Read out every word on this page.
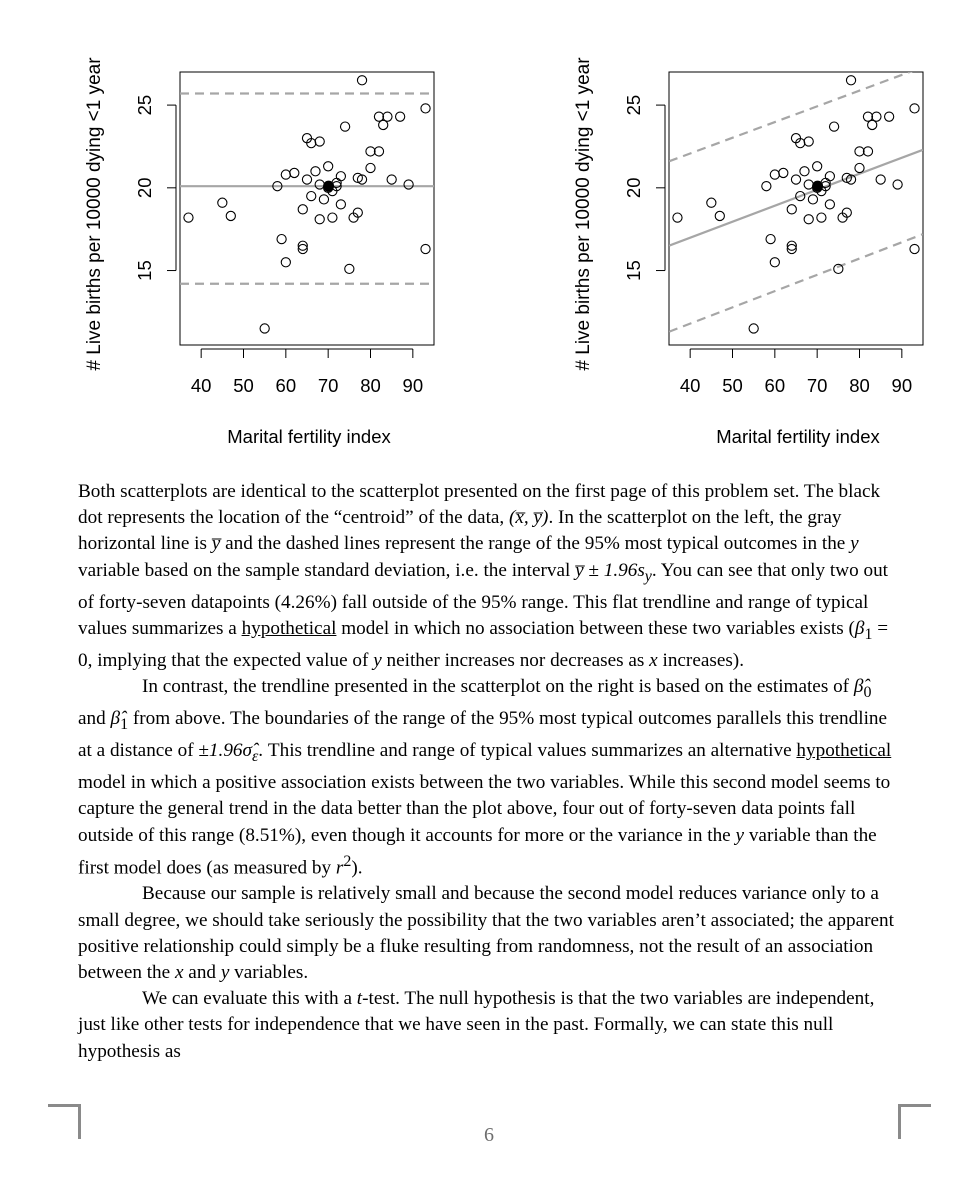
40 50 60 70 80 90
15
20
25
# Live births per 10000 dying <1 year
Marital fertility index
40 50 60 70 80 90
15
20
25
# Live births per 10000 dying <1 year
Marital fertility index

Both scatterplots are identical to the scatterplot presented on the first page of this problem set. The black dot represents the location of the “centroid” of the data, (x̅, y̅). In the scatterplot on the left, the gray horizontal line is y̅ and the dashed lines represent the range of the 95% most typical outcomes in the y variable based on the sample standard deviation, i.e. the interval y̅ ± $1.96s_y$. You can see that only two out of forty-seven datapoints (4.26%) fall outside of the 95% range. This flat trendline and range of typical values summarizes a hypothetical model in which no association between these two variables exists ($\beta_1 = 0$, implying that the expected value of y neither increases nor decreases as x increases).

In contrast, the trendline presented in the scatterplot on the right is based on the estimates of $\betâ_0$ and $\betâ_1$ from above. The boundaries of the range of the 95% most typical outcomes parallels this trendline at a distance of $\pm 1.96\sigmâ_\varepsilon$. This trendline and range of typical values summarizes an alternative hypothetical model in which a positive association exists between the two variables. While this second model seems to capture the general trend in the data better than the plot above, four out of forty-seven data points fall outside of this range (8.51%), even though it accounts for more or the variance in the y variable than the first model does (as measured by $r^2$).

Because our sample is relatively small and because the second model reduces variance only to a small degree, we should take seriously the possibility that the two variables aren’t associated; the apparent positive relationship could simply be a fluke resulting from randomness, not the result of an association between the x and y variables.

We can evaluate this with a t-test. The null hypothesis is that the two variables are independent, just like other tests for independence that we have seen in the past. Formally, we can state this null hypothesis as

6
